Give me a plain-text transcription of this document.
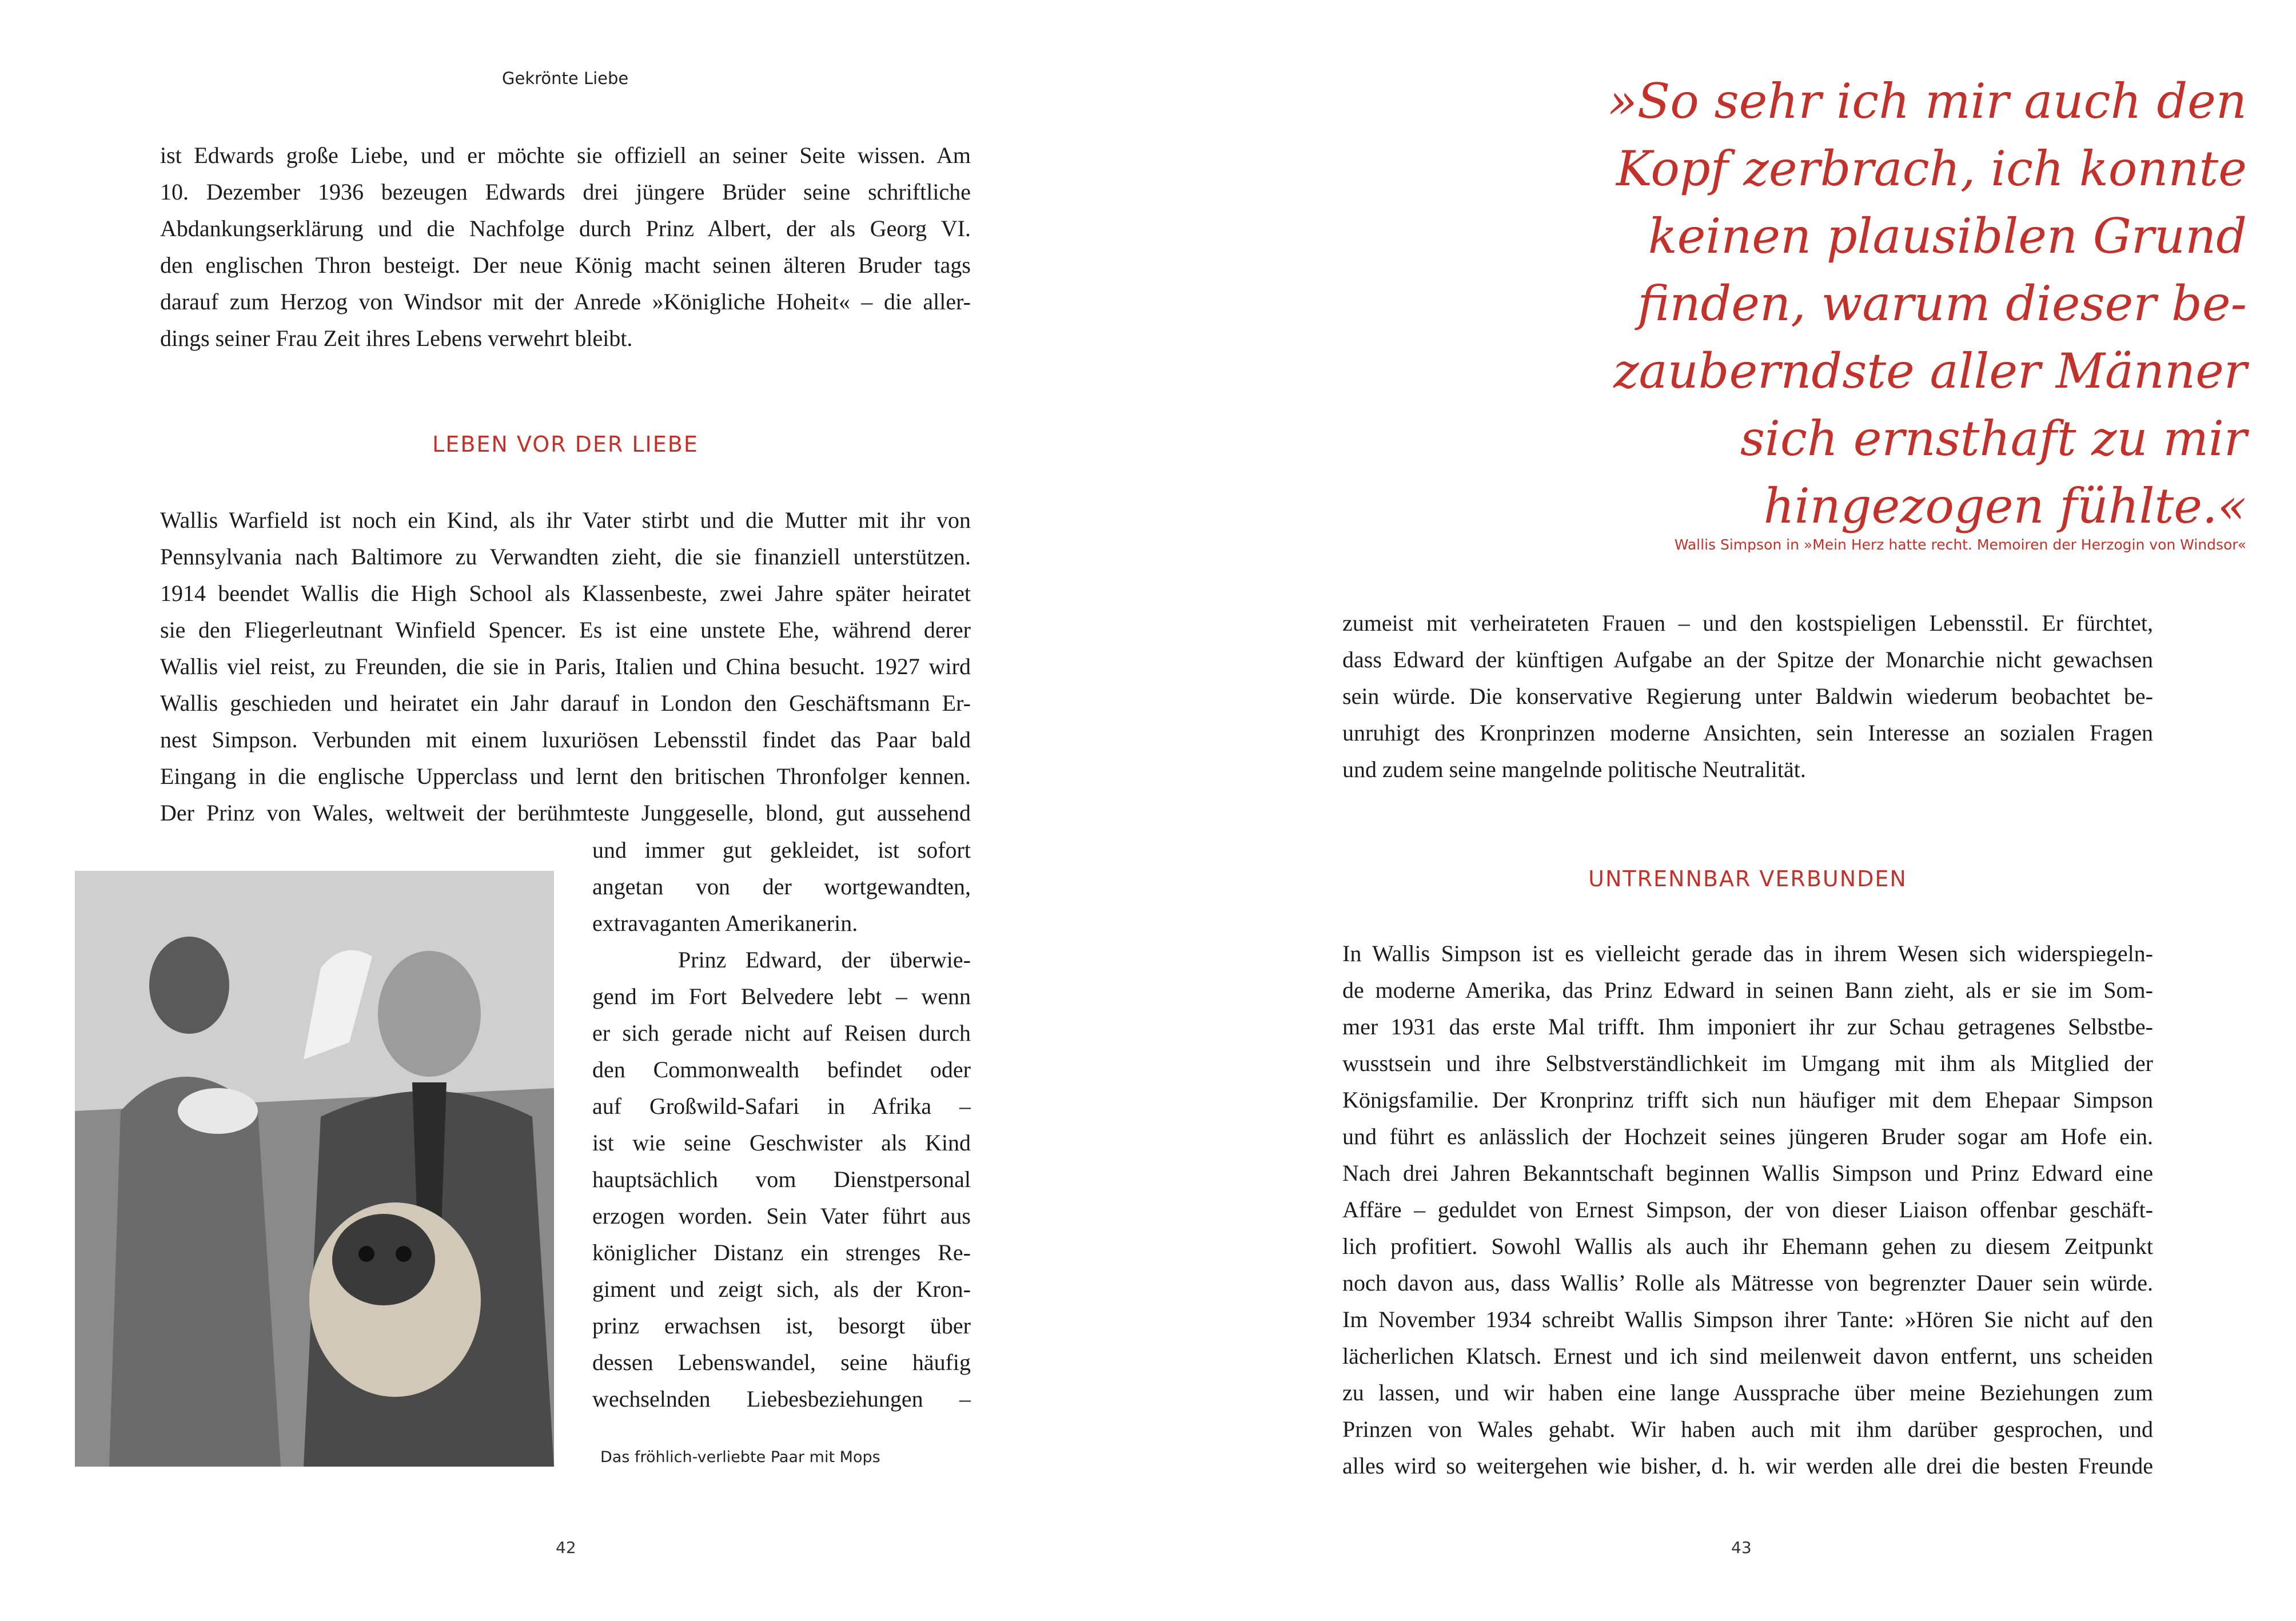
Gekrönte Liebe
ist Edwards große Liebe, und er möchte sie offiziell an seiner Seite wissen. Am
10. Dezember 1936 bezeugen Edwards drei jüngere Brüder seine schriftliche
Abdankungserklärung und die Nachfolge durch Prinz Albert, der als Georg VI.
den englischen Thron besteigt. Der neue König macht seinen älteren Bruder tags
darauf zum Herzog von Windsor mit der Anrede »Königliche Hoheit« – die aller-
dings seiner Frau Zeit ihres Lebens verwehrt bleibt.
LEBEN VOR DER LIEBE
Wallis Warfield ist noch ein Kind, als ihr Vater stirbt und die Mutter mit ihr von
Pennsylvania nach Baltimore zu Verwandten zieht, die sie finanziell unterstützen.
1914 beendet Wallis die High School als Klassenbeste, zwei Jahre später heiratet
sie den Fliegerleutnant Winfield Spencer. Es ist eine unstete Ehe, während derer
Wallis viel reist, zu Freunden, die sie in Paris, Italien und China besucht. 1927 wird
Wallis geschieden und heiratet ein Jahr darauf in London den Geschäftsmann Er-
nest Simpson. Verbunden mit einem luxuriösen Lebensstil findet das Paar bald
Eingang in die englische Upperclass und lernt den britischen Thronfolger kennen.
Der Prinz von Wales, weltweit der berühmteste Junggeselle, blond, gut aussehend
und immer gut gekleidet, ist sofort
angetan von der wortgewandten,
extravaganten Amerikanerin.
Prinz Edward, der überwie-
gend im Fort Belvedere lebt – wenn
er sich gerade nicht auf Reisen durch
den Commonwealth befindet oder
auf Großwild-Safari in Afrika –
ist wie seine Geschwister als Kind
hauptsächlich vom Dienstpersonal
erzogen worden. Sein Vater führt aus
königlicher Distanz ein strenges Re-
giment und zeigt sich, als der Kron-
prinz erwachsen ist, besorgt über
dessen Lebenswandel, seine häufig
wechselnden Liebesbeziehungen –
Das fröhlich-verliebte Paar mit Mops
42
»So sehr ich mir auch den
Kopf zerbrach, ich konnte
keinen plausiblen Grund
finden, warum dieser be-
zauberndste aller Männer
sich ernsthaft zu mir
hingezogen fühlte.«
Wallis Simpson in »Mein Herz hatte recht. Memoiren der Herzogin von Windsor«
zumeist mit verheirateten Frauen – und den kostspieligen Lebensstil. Er fürchtet,
dass Edward der künftigen Aufgabe an der Spitze der Monarchie nicht gewachsen
sein würde. Die konservative Regierung unter Baldwin wiederum beobachtet be-
unruhigt des Kronprinzen moderne Ansichten, sein Interesse an sozialen Fragen
und zudem seine mangelnde politische Neutralität.
UNTRENNBAR VERBUNDEN
In Wallis Simpson ist es vielleicht gerade das in ihrem Wesen sich widerspiegeln-
de moderne Amerika, das Prinz Edward in seinen Bann zieht, als er sie im Som-
mer 1931 das erste Mal trifft. Ihm imponiert ihr zur Schau getragenes Selbstbe-
wusstsein und ihre Selbstverständlichkeit im Umgang mit ihm als Mitglied der
Königsfamilie. Der Kronprinz trifft sich nun häufiger mit dem Ehepaar Simpson
und führt es anlässlich der Hochzeit seines jüngeren Bruder sogar am Hofe ein.
Nach drei Jahren Bekanntschaft beginnen Wallis Simpson und Prinz Edward eine
Affäre – geduldet von Ernest Simpson, der von dieser Liaison offenbar geschäft-
lich profitiert. Sowohl Wallis als auch ihr Ehemann gehen zu diesem Zeitpunkt
noch davon aus, dass Wallis’ Rolle als Mätresse von begrenzter Dauer sein würde.
Im November 1934 schreibt Wallis Simpson ihrer Tante: »Hören Sie nicht auf den
lächerlichen Klatsch. Ernest und ich sind meilenweit davon entfernt, uns scheiden
zu lassen, und wir haben eine lange Aussprache über meine Beziehungen zum
Prinzen von Wales gehabt. Wir haben auch mit ihm darüber gesprochen, und
alles wird so weitergehen wie bisher, d. h. wir werden alle drei die besten Freunde
43
